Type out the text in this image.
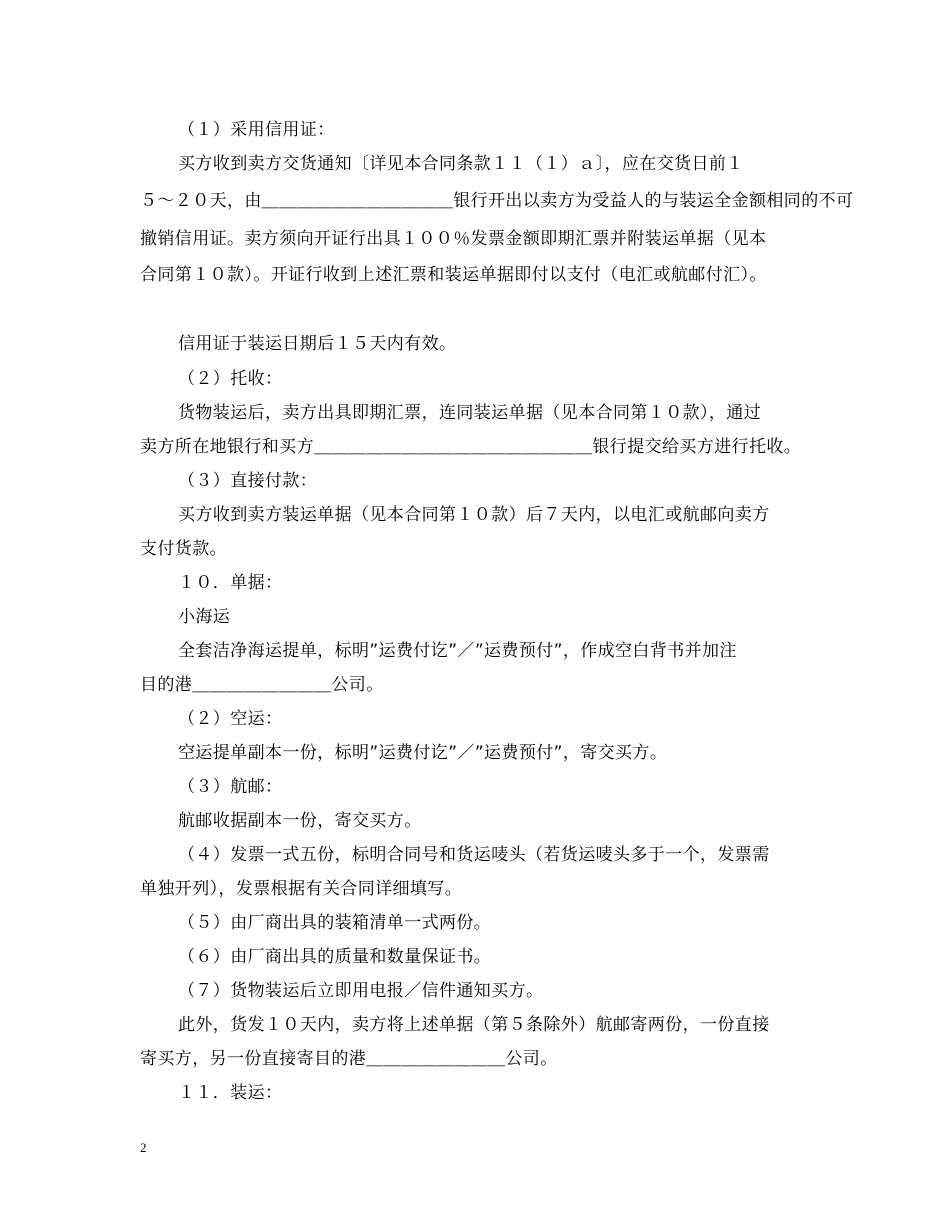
（１）采用信用证：
买方收到卖方交货通知〔详见本合同条款１１（１）ａ〕，应在交货日前１
５～２０天，由＿＿＿＿＿＿＿＿＿＿＿银行开出以卖方为受益人的与装运全金额相同的不可
撤销信用证。卖方须向开证行出具１００％发票金额即期汇票并附装运单据（见本
合同第１０款）。开证行收到上述汇票和装运单据即付以支付（电汇或航邮付汇）。
信用证于装运日期后１５天内有效。
（２）托收：
货物装运后，卖方出具即期汇票，连同装运单据（见本合同第１０款），通过
卖方所在地银行和买方＿＿＿＿＿＿＿＿＿＿＿＿＿＿＿＿银行提交给买方进行托收。
（３）直接付款：
买方收到卖方装运单据（见本合同第１０款）后７天内，以电汇或航邮向卖方
支付货款。
１０．单据：
小海运
全套洁净海运提单，标明”运费付讫”／”运费预付”，作成空白背书并加注
目的港＿＿＿＿＿＿＿＿公司。
（２）空运：
空运提单副本一份，标明”运费付讫”／”运费预付”，寄交买方。
（３）航邮：
航邮收据副本一份，寄交买方。
（４）发票一式五份，标明合同号和货运唛头（若货运唛头多于一个，发票需
单独开列），发票根据有关合同详细填写。
（５）由厂商出具的装箱清单一式两份。
（６）由厂商出具的质量和数量保证书。
（７）货物装运后立即用电报／信件通知买方。
此外，货发１０天内，卖方将上述单据（第５条除外）航邮寄两份，一份直接
寄买方，另一份直接寄目的港＿＿＿＿＿＿＿＿公司。
１１．装运：
2
